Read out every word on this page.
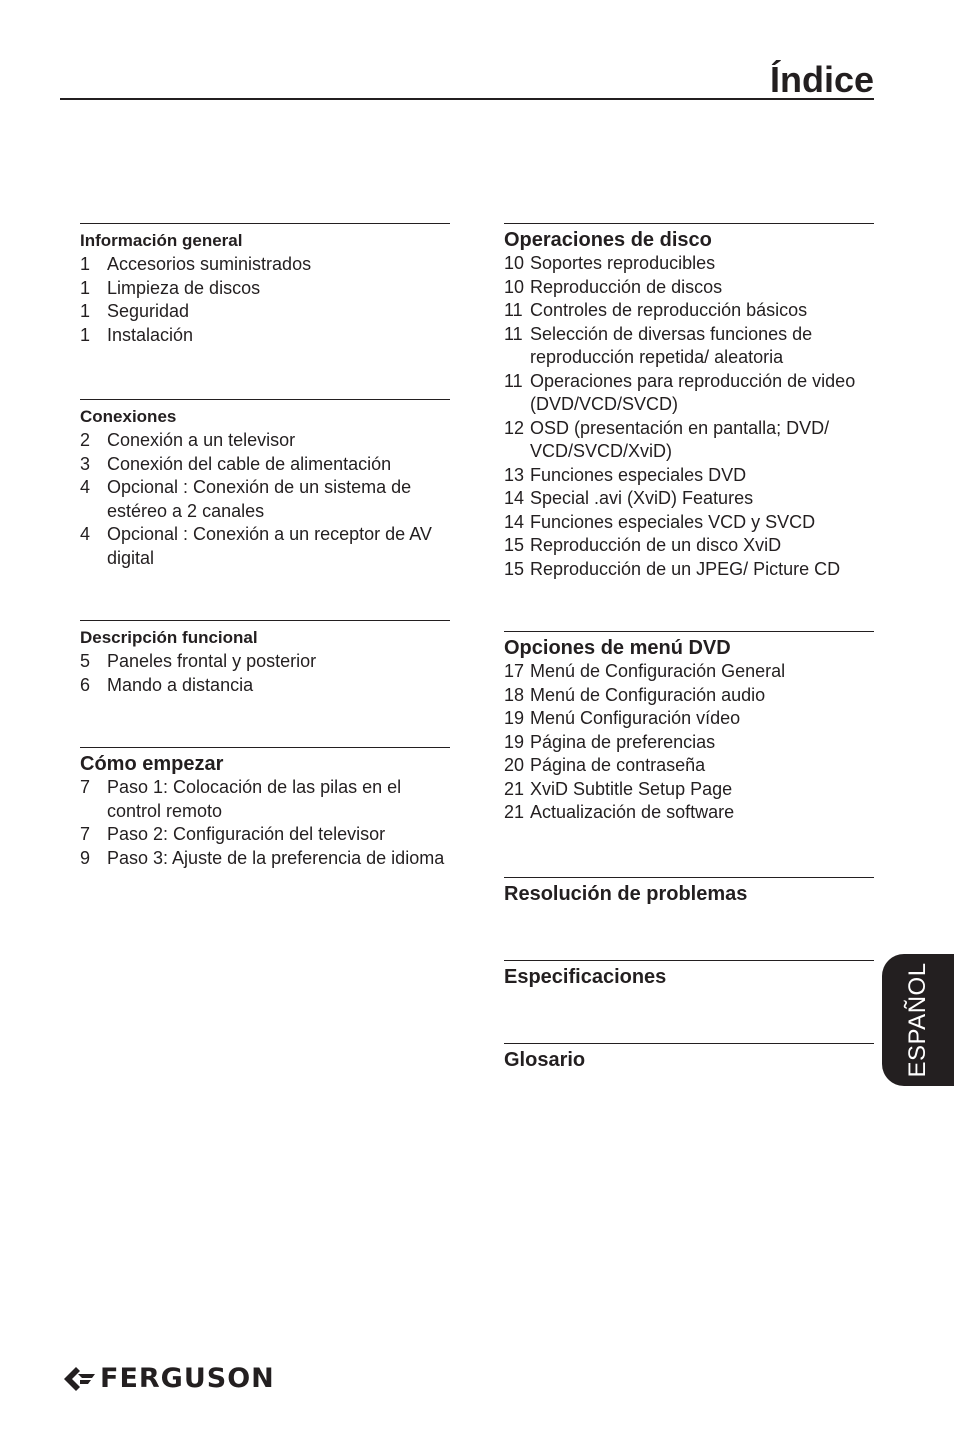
Índice
Información general
1 Accesorios suministrados
1 Limpieza de discos
1 Seguridad
1 Instalación
Conexiones
2 Conexión a un televisor
3 Conexión del cable de alimentación
4 Opcional : Conexión de un sistema de estéreo a 2 canales
4 Opcional : Conexión a un receptor de AV digital
Descripción funcional
5 Paneles frontal y posterior
6 Mando a distancia
Cómo empezar
7 Paso 1: Colocación de las pilas en el control remoto
7 Paso 2: Configuración del televisor
9 Paso 3: Ajuste de la preferencia de idioma
Operaciones de disco
10 Soportes reproducibles
10 Reproducción de discos
11 Controles de reproducción básicos
11 Selección de diversas funciones de reproducción repetida/ aleatoria
11 Operaciones para reproducción de video (DVD/VCD/SVCD)
12 OSD (presentación en pantalla; DVD/ VCD/SVCD/XviD)
13 Funciones especiales DVD
14 Special .avi (XviD) Features
14 Funciones especiales VCD y SVCD
15 Reproducción de un disco XviD
15 Reproducción de un JPEG/ Picture CD
Opciones de menú DVD
17 Menú de Configuración General
18 Menú de Configuración audio
19 Menú Configuración vídeo
19 Página de preferencias
20 Página de contraseña
21 XviD Subtitle Setup Page
21 Actualización de software
Resolución de problemas
Especificaciones
Glosario	ESPAÑOL
FERGUSON
